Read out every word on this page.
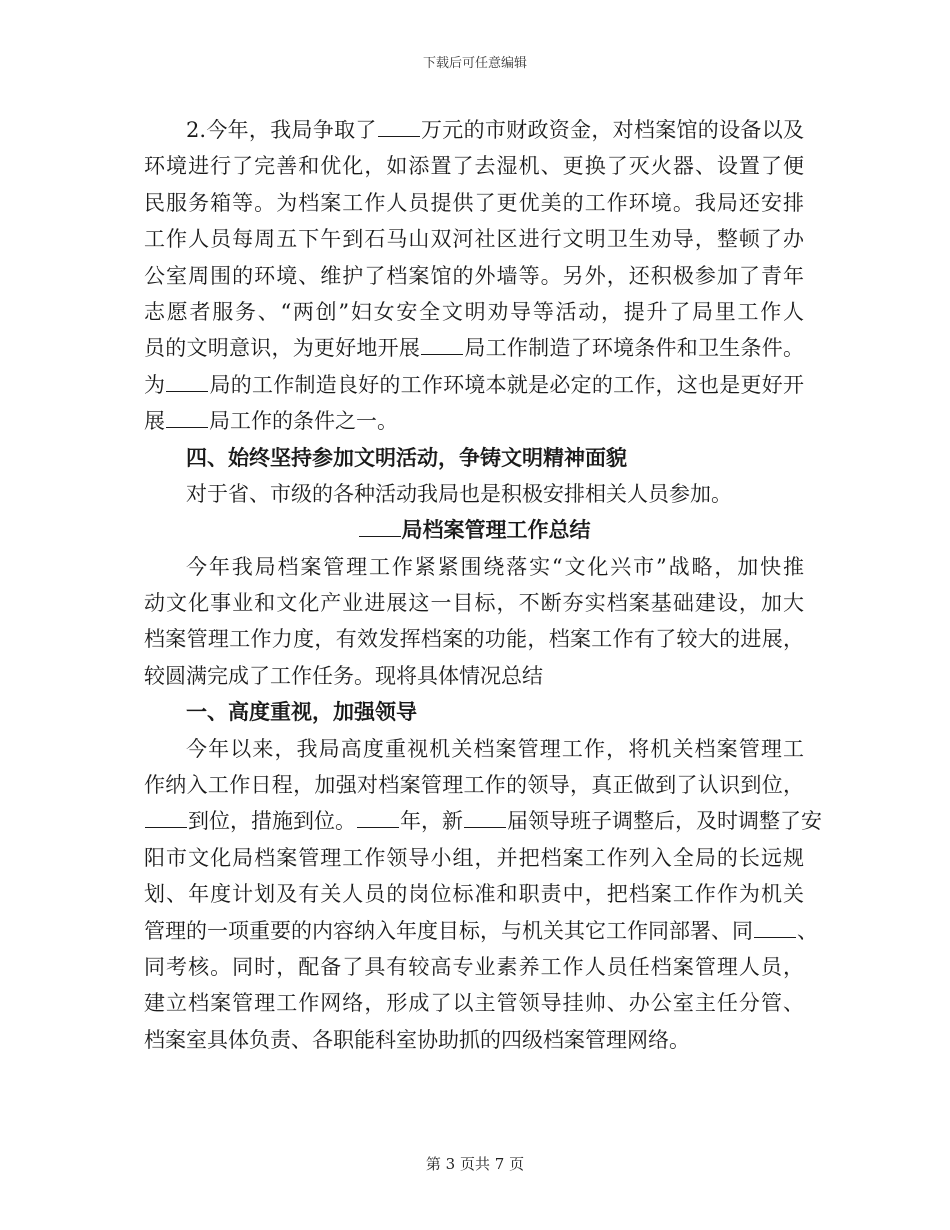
下载后可任意编辑
2.今年，我局争取了 万元的市财政资金，对档案馆的设备以及
环境进行了完善和优化，如添置了去湿机、更换了灭火器、设置了便
民服务箱等。为档案工作人员提供了更优美的工作环境。我局还安排
工作人员每周五下午到石马山双河社区进行文明卫生劝导，整顿了办
公室周围的环境、维护了档案馆的外墙等。另外，还积极参加了青年
志愿者服务、“两创”妇女安全文明劝导等活动，提升了局里工作人
员的文明意识，为更好地开展 局工作制造了环境条件和卫生条件。
为 局的工作制造良好的工作环境本就是必定的工作，这也是更好开
展 局工作的条件之一。
四、始终坚持参加文明活动，争铸文明精神面貌
对于省、市级的各种活动我局也是积极安排相关人员参加。
局档案管理工作总结
今年我局档案管理工作紧紧围绕落实“文化兴市”战略，加快推
动文化事业和文化产业进展这一目标，不断夯实档案基础建设，加大
档案管理工作力度，有效发挥档案的功能，档案工作有了较大的进展，
较圆满完成了工作任务。现将具体情况总结
一、高度重视，加强领导
今年以来，我局高度重视机关档案管理工作，将机关档案管理工
作纳入工作日程，加强对档案管理工作的领导，真正做到了认识到位，
到位，措施到位。 年，新 届领导班子调整后，及时调整了安
阳市文化局档案管理工作领导小组，并把档案工作列入全局的长远规
划、年度计划及有关人员的岗位标准和职责中，把档案工作作为机关
管理的一项重要的内容纳入年度目标，与机关其它工作同部署、同 、
同考核。同时，配备了具有较高专业素养工作人员任档案管理人员，
建立档案管理工作网络，形成了以主管领导挂帅、办公室主任分管、
档案室具体负责、各职能科室协助抓的四级档案管理网络。
第 3 页共 7 页
